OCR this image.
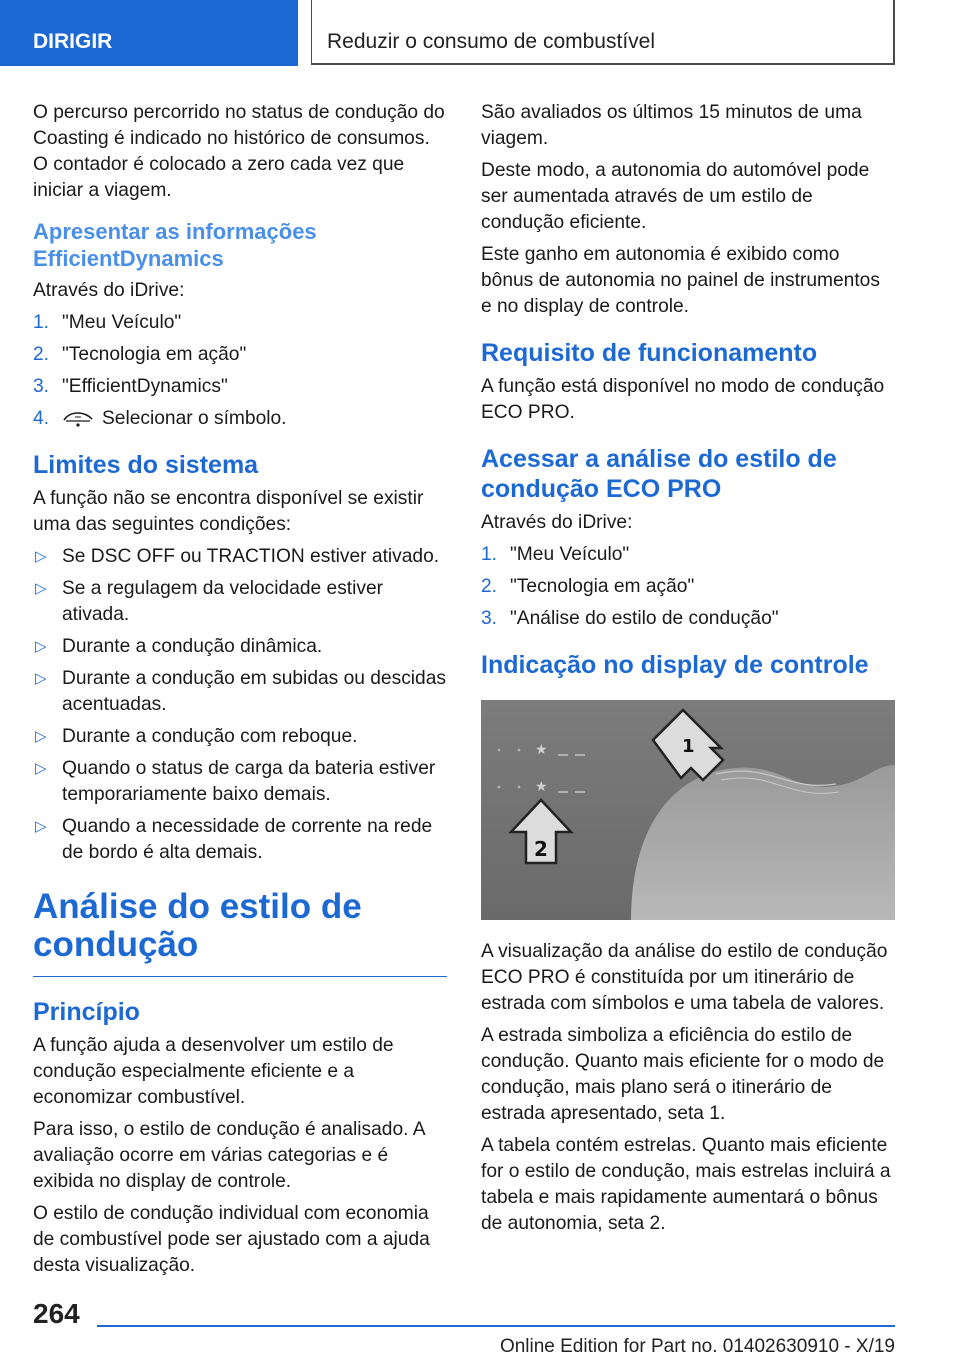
DIRIGIR	Reduzir o consumo de combustível

O percurso percorrido no status de condução do Coasting é indicado no histórico de consumos. O contador é colocado a zero cada vez que iniciar a viagem.

Apresentar as informações EfficientDynamics

Através do iDrive:

1. "Meu Veículo"
2. "Tecnologia em ação"
3. "EfficientDynamics"
4.	Selecionar o símbolo.
Limites do sistema

A função não se encontra disponível se existir uma das seguintes condições:

▷ Se DSC OFF ou TRACTION estiver ativado.
▷ Se a regulagem da velocidade estiver ativada.
▷ Durante a condução dinâmica.
▷ Durante a condução em subidas ou descidas acentuadas.
▷ Durante a condução com reboque.
▷ Quando o status de carga da bateria estiver temporariamente baixo demais.
▷ Quando a necessidade de corrente na rede de bordo é alta demais.
Análise do estilo de condução
Princípio

A função ajuda a desenvolver um estilo de condução especialmente eficiente e a economizar combustível.

Para isso, o estilo de condução é analisado. A avaliação ocorre em várias categorias e é exibida no display de controle.

O estilo de condução individual com economia de combustível pode ser ajustado com a ajuda desta visualização.

São avaliados os últimos 15 minutos de uma viagem.

Deste modo, a autonomia do automóvel pode ser aumentada através de um estilo de condução eficiente.

Este ganho em autonomia é exibido como bônus de autonomia no painel de instrumentos e no display de controle.

Requisito de funcionamento

A função está disponível no modo de condução ECO PRO.

Acessar a análise do estilo de condução ECO PRO

Através do iDrive:

1. "Meu Veículo"
2. "Tecnologia em ação"
3. "Análise do estilo de condução"
Indicação no display de controle
★
★
1
2

A visualização da análise do estilo de condução ECO PRO é constituída por um itinerário de estrada com símbolos e uma tabela de valores.

A estrada simboliza a eficiência do estilo de condução. Quanto mais eficiente for o modo de condução, mais plano será o itinerário de estrada apresentado, seta 1.

A tabela contém estrelas. Quanto mais eficiente for o estilo de condução, mais estrelas incluirá a tabela e mais rapidamente aumentará o bônus de autonomia, seta 2.

264
Online Edition for Part no. 01402630910 - X/19
